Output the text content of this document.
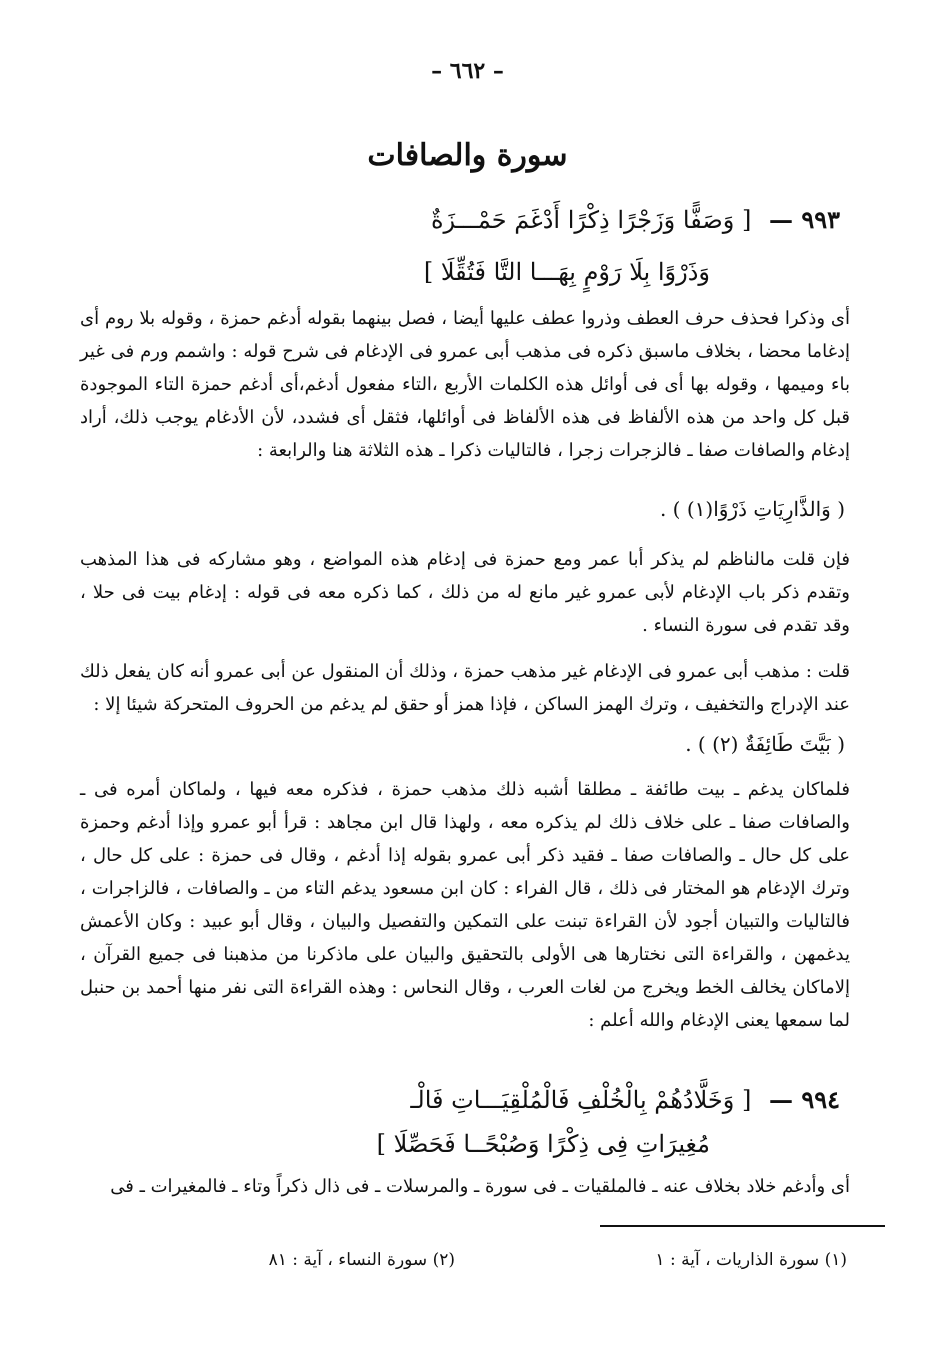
– ٦٦٢ –
سورة والصافات
٩٩٣ — [ وَصَفًّا وَزَجْرًا ذِكْرًا أَدْغَمَ حَمْـــزَةٌ
وَذَرْوًا بِلَا رَوْمٍ بِهَـــا التَّا فَتُقِّلَا ]

أى وذكرا فحذف حرف العطف وذروا عطف عليها أيضا ، فصل بينهما بقوله أدغم حمزة ، وقوله بلا روم أى إدغاما محضا ، بخلاف ماسبق ذكره فى مذهب أبى عمرو فى الإدغام فى شرح قوله : واشمم ورم فى غير باء وميمها ، وقوله بها أى فى أوائل هذه الكلمات الأربع ،التاء مفعول أدغم،أى أدغم حمزة التاء الموجودة قبل كل واحد من هذه الألفاظ فى هذه الألفاظ فى أوائلها، فثقل أى فشدد، لأن الأدغام يوجب ذلك، أراد إدغام والصافات صفا ـ فالزجرات زجرا ، فالتاليات ذكرا ـ هذه الثلاثة هنا والرابعة :

( وَالذَّارِيَاتِ ذَرْوًا(١) ) .
فإن قلت مالناظم لم يذكر أبا عمر ومع حمزة فى إدغام هذه المواضع ، وهو مشاركه فى هذا المذهب وتقدم ذكر باب الإدغام لأبى عمرو غير مانع له من ذلك ، كما ذكره معه فى قوله : إدغام بيت فى حلا ، وقد تقدم فى سورة النساء .
قلت : مذهب أبى عمرو فى الإدغام غير مذهب حمزة ، وذلك أن المنقول عن أبى عمرو أنه كان يفعل ذلك عند الإدراج والتخفيف ، وترك الهمز الساكن ، فإذا همز أو حقق لم يدغم من الحروف المتحركة شيئا إلا :
( بَيَّتَ طَائِفَةٌ (٢) ) .
فلماكان يدغم ـ بيت طائفة ـ مطلقا أشبه ذلك مذهب حمزة ، فذكره معه فيها ، ولماكان أمره فى ـ والصافات صفا ـ على خلاف ذلك لم يذكره معه ، ولهذا قال ابن مجاهد : قرأ أبو عمرو وإذا أدغم وحمزة على كل حال ـ والصافات صفا ـ فقيد ذكر أبى عمرو بقوله إذا أدغم ، وقال فى حمزة : على كل حال ، وترك الإدغام هو المختار فى ذلك ، قال الفراء : كان ابن مسعود يدغم التاء من ـ والصافات ، فالزاجرات ، فالتاليات والتبيان أجود لأن القراءة تبنت على التمكين والتفصيل والبيان ، وقال أبو عبيد : وكان الأعمش يدغمهن ، والقراءة التى نختارها هى الأولى بالتحقيق والبيان على ماذكرنا من مذهبنا فى جميع القرآن ، إلاماكان يخالف الخط ويخرج من لغات العرب ، وقال النحاس : وهذه القراءة التى نفر منها أحمد بن حنبل لما سمعها يعنى الإدغام والله أعلم :
٩٩٤ — [ وَخَلَّادُهُمْ بِالْخُلْفِ فَالْمُلْقِيَـــاتِ فَالْـ
مُغِيرَاتِ فِى ذِكْرًا وَصُبْحًــا فَحَصِّلَا ]
أى وأدغم خلاد بخلاف عنه ـ فالملقيات ـ فى سورة ـ والمرسلات ـ فى ذال ذكراً وتاء ـ فالمغيرات ـ فى
(١) سورة الذاريات ، آية : ١
(٢) سورة النساء ، آية : ٨١
